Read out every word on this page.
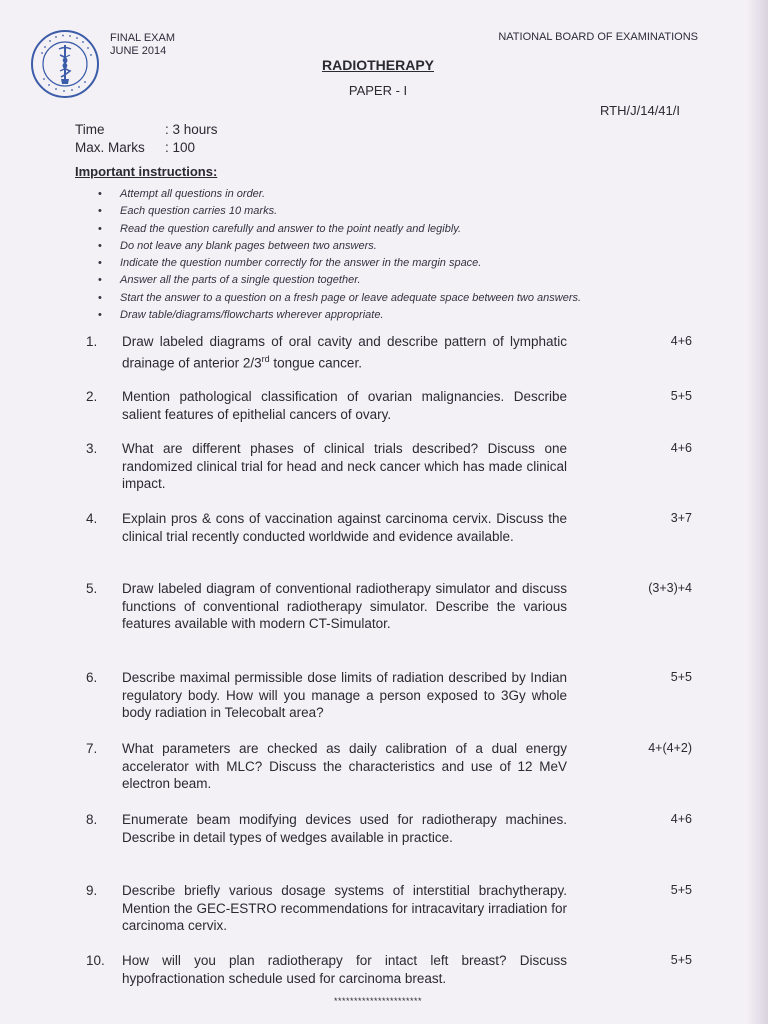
FINAL EXAM
JUNE 2014
NATIONAL BOARD OF EXAMINATIONS
RADIOTHERAPY
PAPER - I
RTH/J/14/41/I
Time	: 3 hours
Max. Marks : 100
Important instructions:
• Attempt all questions in order.
• Each question carries 10 marks.
• Read the question carefully and answer to the point neatly and legibly.
• Do not leave any blank pages between two answers.
• Indicate the question number correctly for the answer in the margin space.
• Answer all the parts of a single question together.
• Start the answer to a question on a fresh page or leave adequate space between two answers.
• Draw table/diagrams/flowcharts wherever appropriate.
1. Draw labeled diagrams of oral cavity and describe pattern of lymphatic drainage of anterior 2/3rd tongue cancer.
4+6
2. Mention pathological classification of ovarian malignancies. Describe salient features of epithelial cancers of ovary.
5+5
3. What are different phases of clinical trials described? Discuss one randomized clinical trial for head and neck cancer which has made clinical impact.
4+6
4. Explain pros & cons of vaccination against carcinoma cervix. Discuss the clinical trial recently conducted worldwide and evidence available.
3+7
5. Draw labeled diagram of conventional radiotherapy simulator and discuss functions of conventional radiotherapy simulator. Describe the various features available with modern CT-Simulator.
(3+3)+4
6. Describe maximal permissible dose limits of radiation described by Indian regulatory body. How will you manage a person exposed to 3Gy whole body radiation in Telecobalt area?
5+5
7. What parameters are checked as daily calibration of a dual energy accelerator with MLC? Discuss the characteristics and use of 12 MeV electron beam.
4+(4+2)
8. Enumerate beam modifying devices used for radiotherapy machines. Describe in detail types of wedges available in practice.
4+6
9. Describe briefly various dosage systems of interstitial brachytherapy. Mention the GEC-ESTRO recommendations for intracavitary irradiation for carcinoma cervix.
5+5
10. How will you plan radiotherapy for intact left breast? Discuss hypofractionation schedule used for carcinoma breast.
5+5
**********************
